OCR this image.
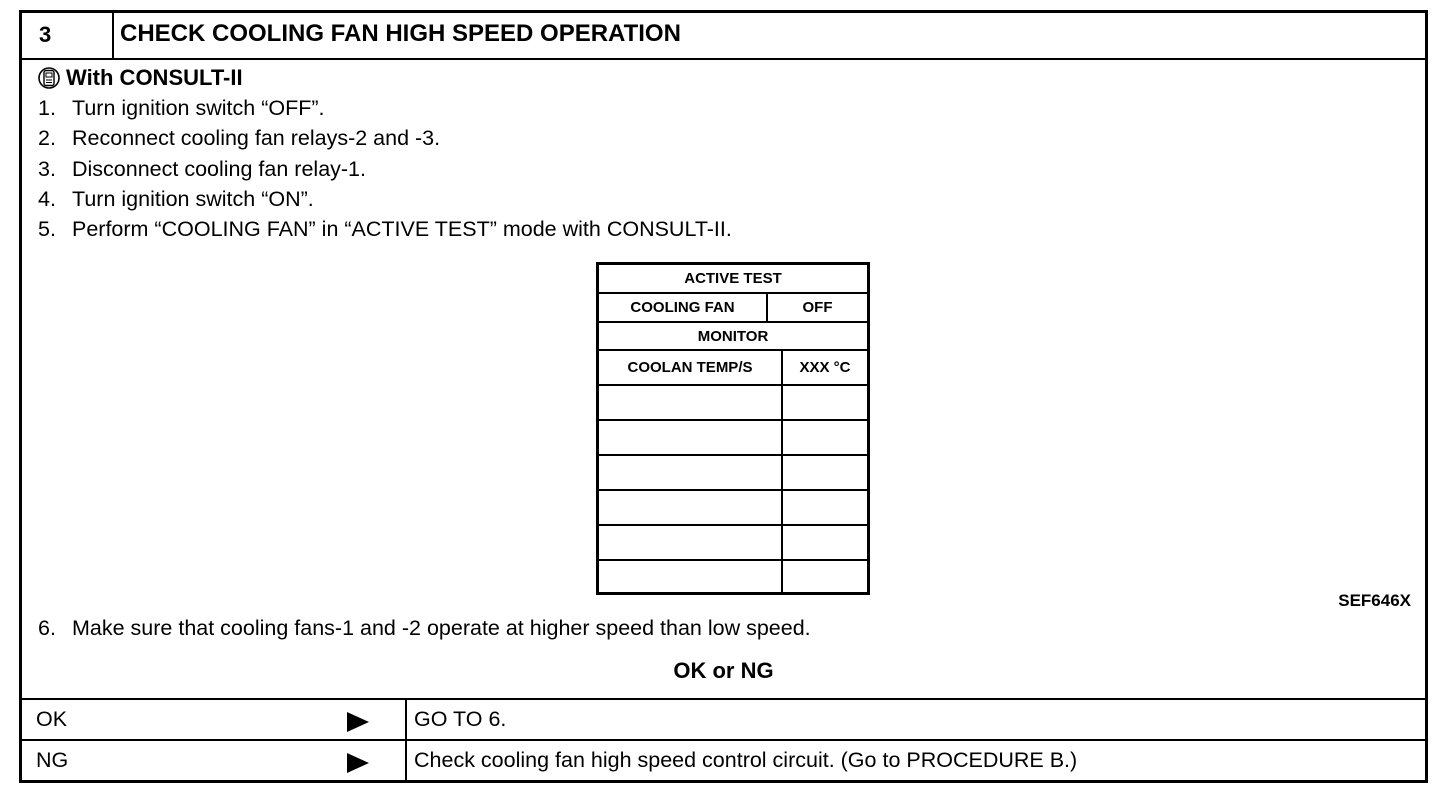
3	CHECK COOLING FAN HIGH SPEED OPERATION
With CONSULT-II
1. Turn ignition switch “OFF”.
2. Reconnect cooling fan relays-2 and -3.
3. Disconnect cooling fan relay-1.
4. Turn ignition switch “ON”.
5. Perform “COOLING FAN” in “ACTIVE TEST” mode with CONSULT-II.
ACTIVE TEST
COOLING FAN	OFF
MONITOR
COOLAN TEMP/S	XXX °C
SEF646X
6. Make sure that cooling fans-1 and -2 operate at higher speed than low speed.
OK or NG
OK	GO TO 6.
NG	Check cooling fan high speed control circuit. (Go to PROCEDURE B.)
